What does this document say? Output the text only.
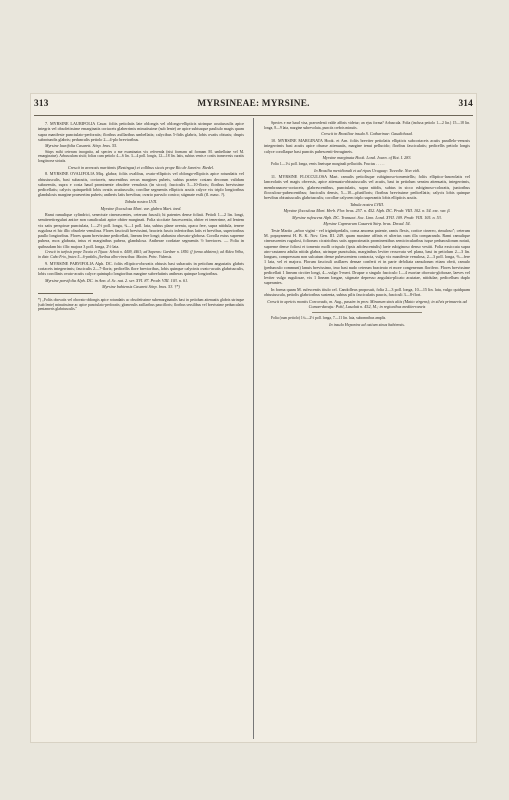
313	MYRSINEAE: MYRSINE.	314

7. MYRSINE LAURIFOLIA Casar. foliis petiolatis late oblongis vel oblongo-ellipticis utrinque acutiusculis apice integris vel obsoletissime emarginatis coriaceis glaberrimis minutissime (sub lente) ae apice subtusque pauliulo magis quam supra manifeste punctulato-perforatis; floribus axillaribus umbellatis; calycibus 5-fidis glabris, lobis ovatis obtusis; drupis subrotundis glabris; pedunculis petiolo 2—4-plo brevioribus.

Myrsine laurifolia Casarett. Stirp. bras. 55.

Stirps mihi ceterum incognita, ad species a me examinatas vix referenda (nisi formam ad formam M. umbellatae vel M. emarginatae). Arbusculam sistit; folias cum petiolo 4—6 lin. 3—4 poll. longis, 12—18 lin. latis, subtus venis e costis transversis curatis longitrorse striatis.

Crescit in arenosis maritimis (Restingas) et collibus siccis prope Rio de Janeiro: Riedel.

8. MYRSINE OVALIFOLIA Miq. glabra; foliis ovalibus, ovato-ellipticis vel oblongo-ellipticis apice rotundatis vel obtusiusculis, basi subacutis, coriaceis, nascentibus oecus margines pubeis, subtus praeter costam decorum validam subaveniis, supra e costa haud prominente obsolete venulosis (in sicco); fasciculis 5—10-floris; floribus brevissime pedicellatis; calycis quinquefidi lobis ovatis acutiusculis; corollae segmentis ellipticis acutis calyce vix triplo longioribus glandulosis margine praesertim pubeis; antheris latis brevibus; ovario parvulo conico; stigmate exili (fl. masc. ?).

Tabula nostra LVII.

Myrsine flocculosa Mart. var. glabra Mart. ined.

Rami ramulique cylindrici, senectute cinerascentes, ceterum fusculi; hi patentes dense foliati. Petioli 1—2 lin. longi, semiteretiregulari antice non canaliculati apice obiter marginati. Folia siccitate fuscescentia, obiter et tenerrime, ad lentem vix satis perspicue punctulata, 1—2½ poll. longa, ¾—1 poll. lata, subtus plane avenia, opaca fere, supra nitidula, tenere rugulosa et hic illic obsolete venulosa. Flores fasciculi brevissimi, bracteis fuscis inferioribus latis et brevibus, superioribus paullo longioribus. Flores quam brevissime pedicellati, lineam fere longi; alabastra obovato-globosa. Corolla extus supreme pubera, mox glabrata, intus et marginibus pubera, glandulosa. Antherae cordatae segmentis ½ breviores. — Folia in quibusdam hic illic majora 3 poll. longa, 2½ lata.

Crescit in turfosis prope Tocaia et Tijuca: Schott n. 4409, 4461; ad Sapeeas: Gardner n. 1850. (f forma ablatens); ad Aldea Velha, in distr. Cabo Frio, frutex 5—6-pedalis, floribus albo-virescibus: Maxim. Princ. Vidensis.

9. MYRSINE PARVIFOLIA Alph. DC. foliis elliptico-obovatis obtusis basi subacutis in petiolum angustatis glabris coriaceis integerrimis; fasciculis 2—7-floris; pedicellis flore brevioribus, lobis quinque calycinis ovato-acutis glabriusculis, lobis corollinis ovato-acutis calyce quintuplo longioribus margine subvelutinis antheras quinque longioribus.

Myrsine parvifolia Alph. DC. in Ann. d. Sc. nat. 2. ser. XVI. 87. Prodr. VIII. 103. n. 61.

Myrsine bahiensis Casarett Stirp. bras. 53. †*)

*) „Foliis obovatis vel obovato-oblongis apice rotundatis ac obsoletissime subemarginatulis basi in petiolum attenuatis glabris utrinque (sub lente) minutissime ac apice punctulato-perforatis; glomerulis axillaribus paucifloris; floribus sessilibus vel brevissime pedunculatis pentameris glabriusculis."

Species e me haud visa, praecedenti valde affinis videtur; an ejus forma? Arbuscula. Folia (inclusa petiolo 1—2 lin.) 15—18 lin. longa, 8—9 lata, margine subrevoluta, punctis crebris minutis.

Crescit in Brasiliae insula S. Catharinae: Gaudichaud.

10. MYRSINE MARGINATA Hook. et Arn. foliis breviter petiolatis ellipticis subcoriaceis acutis parallelo-venosis integerrimis basi acutis apice obusse attenuatis, margine tenui pellucido; floribus fasciculatis; pedicellis petiolo longis calyce corollaque basi punctis pubescenti-ferrugineis.

Myrsine marginata Hook. Lond. Journ. of Bot. I. 283.

Folia 1—1¼ poll. longa, venis lineisque marginali pellucidis. Fructus . . . . .

In Brasilia meridionali et ad ripas Uruguay: Tweedie. Non vidi.

11. MYRSINE FLOCCULOSA Mart. ramulis petiolisque rubiginoso-tomentellis; foliis elliptico-lanceolatis vel lanceolatis vel magis obversis, apice attenuato-obtusiusculis vel acutis, basi in petiolum sensim attenuatis, integerrimis, membranaceo-coriaceis, glabrescentibus, punctulatis, supra nitidis, subtus in sicco rubiginoso-coloratis, junioribus flocculoso-pubescentibus; fasciculis densis, 5—10—plurifloris; floribus brevissime pedicellatis; calycis lobis quinque brevibus obtusiusculis glabriusculis; corollae calycem triplo superantis lobis ellipticis acutis.

Tabula nostra LVIII.

Myrsine flocculosa Mart. Herb. Flor. bras. 257. n. 452. Alph. DC. Prodr. VIII. 102. n. 54. exc. var. β.

Myrsine rufescens Alph. DC. Transact. Soc. Linn. Lond. XVII. 109. Prodr. VIII. 105. n. 53.

Myrsine Caprearum Casarett Stirp. bras. Decad. 54.

Teste Martio „arbor vigini - vel trigintipedalis, coma amoena patente, ramis flexis, cortice cinereo, rimuloso"; ceterum M. popayanensi H. B. K. Nov. Gen. III. 249. quam maxime affinis et ulterius cum illa comparanda. Rami ramulique cinerascentes rugulosi, foliorum cicatricibus satis approximatis prominentibus semicircularibus isque pedunculorum notati, supreme dense foliosi et tomento molli crispulo (ipsis adolescentulis) laete rubiginoso denso vestiti. Folia exsiccata supra atro-castanea adulta nitida glabra, utrinque punctulata, marginibus leviter recurvata vel plana, basi in petiolum 2—3 lin. longum, compressum non sulcatum dense pubescentem contracta, vulgo vix manifeste venulosa, 2—3 poll. longa, ⅔—fere 1 lata, vel et majora. Florum fasciculi axillares densae conferti et in parte defoliata ramulorum etiam obvii, ramulo (pedunculo communi) lanuis brevissimo, imo basi nudo ceterum bracteato et more congenerum floriferо. Flores brevissime pedicellati 1 lineam circiter longi, 4—vulgo 5-meri. Drupae o singulo fasciculo 1—4 exortae obovato-globosae, laeves vel leviter vulgo rugulosae, vix 1 lineam longae, stigmate depresso angulato-plicato acutatae, nitidulae, pedicellum duplo superantes.

In forma quam M. rufescentis titulo cel. Candolleus proposuit, folia 2—3 poll. longa, 10—15 lin. lata, vulgo quidquam obtusiuscula, petiolis glabrioribus sustenta, subtus pilis fasciculatis paucis, fasciculi 3—8-flori.

Crescit in apricis montis Corcovado, m. Aug., passim in prov. Minarum sinis altis (Matto virgens); in silvis primaevis ad Coman-davaju: Pohl, Lasalatt n. 452, M.; in regionibus mediterraneis

Folia (cum petiolo) 1¼—2½ poll. longa, 7—11 lin. lata, subomnibus amplis.

In insula Hepariea ad ostium sinus habiensis.
